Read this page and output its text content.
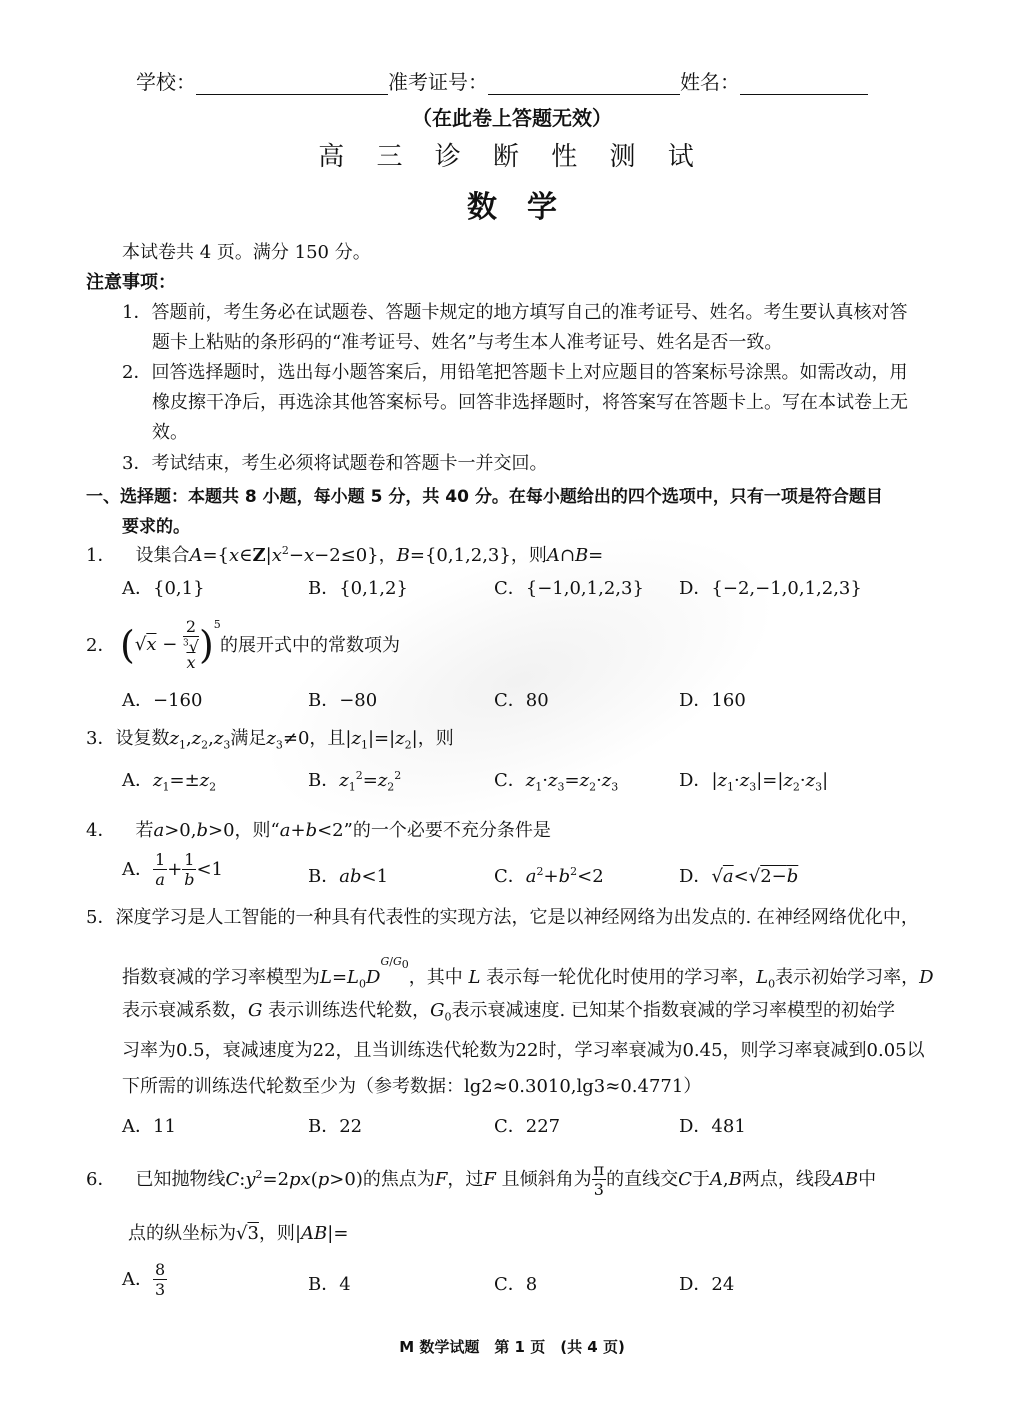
学校：	准考证号：	姓名：
（在此卷上答题无效）
高 三 诊 断 性 测 试
数　学
本试卷共 4 页。满分 150 分。
注意事项：
1．答题前，考生务必在试题卷、答题卡规定的地方填写自己的准考证号、姓名。考生要认真核对答
题卡上粘贴的条形码的“准考证号、姓名”与考生本人准考证号、姓名是否一致。
2．回答选择题时，选出每小题答案后，用铅笔把答题卡上对应题目的答案标号涂黑。如需改动，用
橡皮擦干净后，再选涂其他答案标号。回答非选择题时，将答案写在答题卡上。写在本试卷上无
效。
3．考试结束，考生必须将试题卷和答题卡一并交回。
一、选择题：本题共 8 小题，每小题 5 分，共 40 分。在每小题给出的四个选项中，只有一项是符合题目
要求的。
1． 设集合$A=\{x\in Z|x^2-x-2\le 0\}$，B={0,1,2,3}，则A∩B=
A．{0,1}	B．{0,1,2}	C．{−1,0,1,2,3} D．{−2,−1,0,1,2,3}
2． (√x − 2
$^3$√
x )$^5$
的展开式中的常数项为
A．−160	B．−80	C．80	D．160
3．设复数$z_1,z_2,z_3$满足$z_3\ne 0$，且$|z_1|=|z_2|$，则
A．$z_1=\pm z_2$	B．$z_1^2=z_2^2$	C．$z_1\cdot z_3=z_2\cdot z_3$	D．$|z_1\cdot z_3|=|z_2\cdot z_3|$
4． 若a>0,b>0，则“a+b<2”的一个必要不充分条件是
A． $\frac{1}{a} + \frac{1}{b} <1$	B．ab<1	C．$a^2+b^2<2$	D．√a<√2−b
5．深度学习是人工智能的一种具有代表性的实现方法，它是以神经网络为出发点的. 在神经网络优化中，
指数衰减的学习率模型为$L=L_0D^{G/G_0}$，其中 L 表示每一轮优化时使用的学习率，$L_0$表示初始学习率，D
表示衰减系数，G 表示训练迭代轮数，$G_0$表示衰减速度. 已知某个指数衰减的学习率模型的初始学
习率为0.5，衰减速度为22，且当训练迭代轮数为22时，学习率衰减为0.45，则学习率衰减到0.05以
下所需的训练迭代轮数至少为（参考数据：lg2≈0.3010,lg3≈0.4771）
A．11	B．22	C．227	D．481
6． 已知抛物线$C:y^2=2px(p>0)$的焦点为F，过F 且倾斜角为 $\frac{\pi}{3}$ 的直线交C于A,B两点，线段AB中
点的纵坐标为√3，则|AB|=
A． $\frac{8}{3}$	B．4	C．8	D．24
M 数学试题　第 1 页　(共 4 页)
